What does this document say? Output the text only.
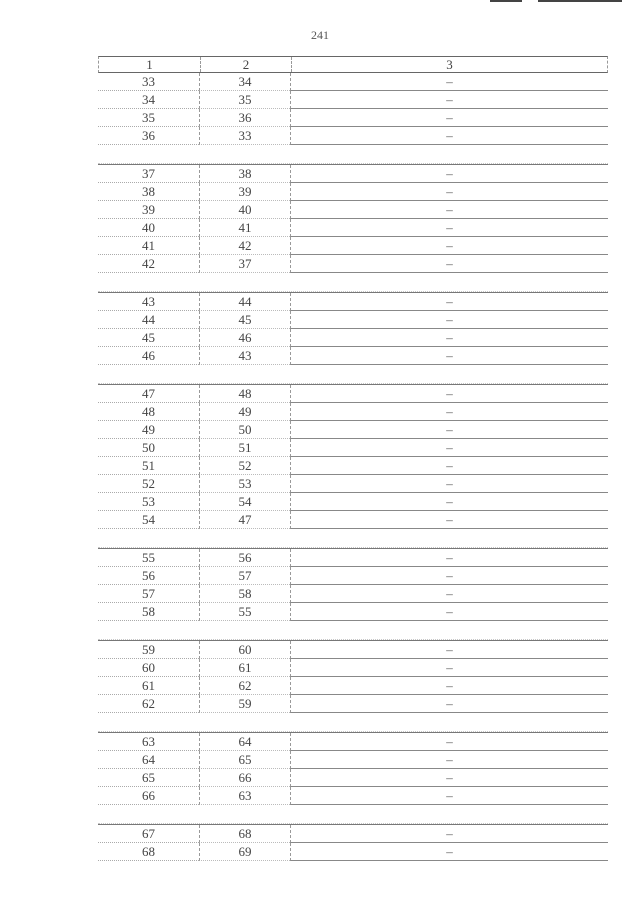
241
1	2	3
33	34	–
34	35	–
35	36	–
36	33	–
37	38	–
38	39	–
39	40	–
40	41	–
41	42	–
42	37	–
43	44	–
44	45	–
45	46	–
46	43	–
47	48	–
48	49	–
49	50	–
50	51	–
51	52	–
52	53	–
53	54	–
54	47	–
55	56	–
56	57	–
57	58	–
58	55	–
59	60	–
60	61	–
61	62	–
62	59	–
63	64	–
64	65	–
65	66	–
66	63	–
67	68	–
68	69	–
